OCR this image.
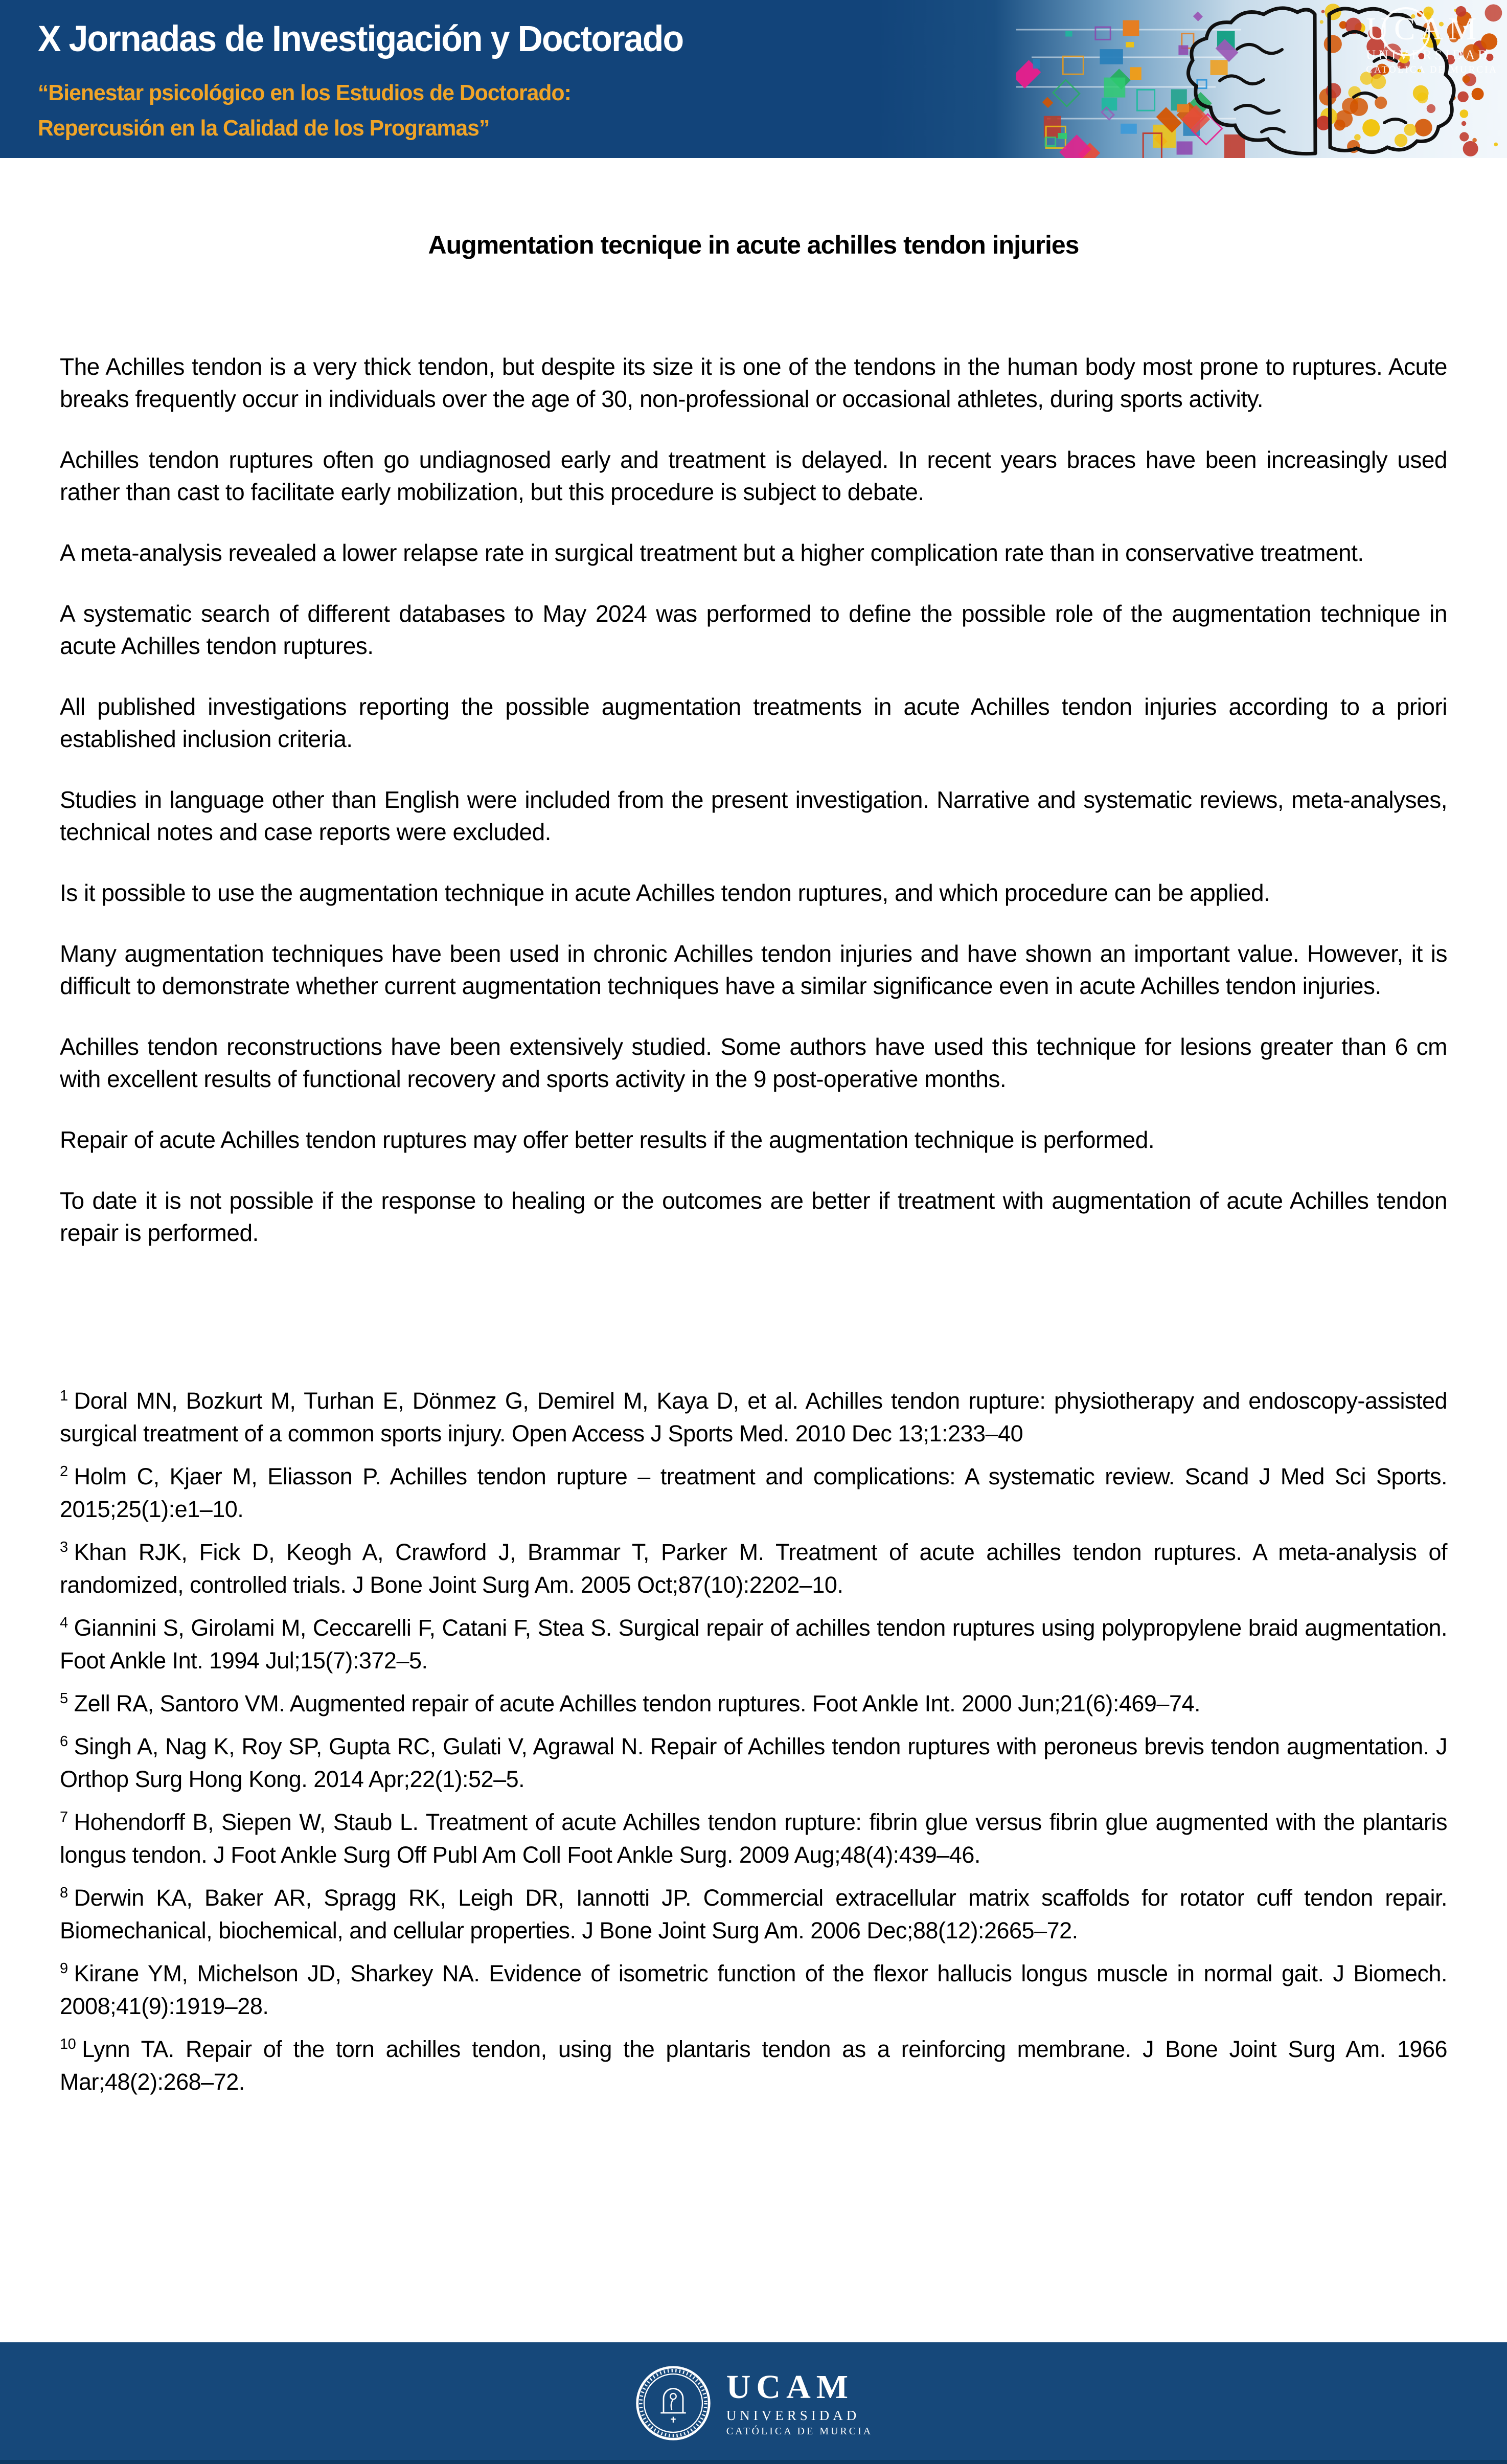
UCAM
UNIVERSIDAD
CATÓLICA DE MURCIA
X Jornadas de Investigación y Doctorado
“Bienestar psicológico en los Estudios de Doctorado:
Repercusión en la Calidad de los Programas”
Augmentation tecnique in acute achilles tendon injuries

The Achilles tendon is a very thick tendon, but despite its size it is one of the tendons in the human body most prone to ruptures. Acute breaks frequently occur in individuals over the age of 30, non-professional or occasional athletes, during sports activity.

Achilles tendon ruptures often go undiagnosed early and treatment is delayed. In recent years braces have been increasingly used rather than cast to facilitate early mobilization, but this procedure is subject to debate.

A meta-analysis revealed a lower relapse rate in surgical treatment but a higher complication rate than in conservative treatment.

A systematic search of different databases to May 2024 was performed to define the possible role of the augmentation technique in acute Achilles tendon ruptures.

All published investigations reporting the possible augmentation treatments in acute Achilles tendon injuries according to a priori established inclusion criteria.

Studies in language other than English were included from the present investigation. Narrative and systematic reviews, meta-analyses, technical notes and case reports were excluded.

Is it possible to use the augmentation technique in acute Achilles tendon ruptures, and which procedure can be applied.

Many augmentation techniques have been used in chronic Achilles tendon injuries and have shown an important value. However, it is difficult to demonstrate whether current augmentation techniques have a similar significance even in acute Achilles tendon injuries.

Achilles tendon reconstructions have been extensively studied. Some authors have used this technique for lesions greater than 6 cm with excellent results of functional recovery and sports activity in the 9 post-operative months.

Repair of acute Achilles tendon ruptures may offer better results if the augmentation technique is performed.

To date it is not possible if the response to healing or the outcomes are better if treatment with augmentation of acute Achilles tendon repair is performed.

$^1$ Doral MN, Bozkurt M, Turhan E, Dönmez G, Demirel M, Kaya D, et al. Achilles tendon rupture: physiotherapy and endoscopy-assisted surgical treatment of a common sports injury. Open Access J Sports Med. 2010 Dec 13;1:233–40

$^2$ Holm C, Kjaer M, Eliasson P. Achilles tendon rupture – treatment and complications: A systematic review. Scand J Med Sci Sports. 2015;25(1):e1–10.

$^3$ Khan RJK, Fick D, Keogh A, Crawford J, Brammar T, Parker M. Treatment of acute achilles tendon ruptures. A meta-analysis of randomized, controlled trials. J Bone Joint Surg Am. 2005 Oct;87(10):2202–10.

$^4$ Giannini S, Girolami M, Ceccarelli F, Catani F, Stea S. Surgical repair of achilles tendon ruptures using polypropylene braid augmentation. Foot Ankle Int. 1994 Jul;15(7):372–5.

$^5$ Zell RA, Santoro VM. Augmented repair of acute Achilles tendon ruptures. Foot Ankle Int. 2000 Jun;21(6):469–74.

$^6$ Singh A, Nag K, Roy SP, Gupta RC, Gulati V, Agrawal N. Repair of Achilles tendon ruptures with peroneus brevis tendon augmentation. J Orthop Surg Hong Kong. 2014 Apr;22(1):52–5.

$^7$ Hohendorff B, Siepen W, Staub L. Treatment of acute Achilles tendon rupture: fibrin glue versus fibrin glue augmented with the plantaris longus tendon. J Foot Ankle Surg Off Publ Am Coll Foot Ankle Surg. 2009 Aug;48(4):439–46.

$^8$ Derwin KA, Baker AR, Spragg RK, Leigh DR, Iannotti JP. Commercial extracellular matrix scaffolds for rotator cuff tendon repair. Biomechanical, biochemical, and cellular properties. J Bone Joint Surg Am. 2006 Dec;88(12):2665–72.

$^9$ Kirane YM, Michelson JD, Sharkey NA. Evidence of isometric function of the flexor hallucis longus muscle in normal gait. J Biomech. 2008;41(9):1919–28.

$^{10}$ Lynn TA. Repair of the torn achilles tendon, using the plantaris tendon as a reinforcing membrane. J Bone Joint Surg Am. 1966 Mar;48(2):268–72.

UCAM
UNIVERSIDAD
CATÓLICA DE MURCIA
